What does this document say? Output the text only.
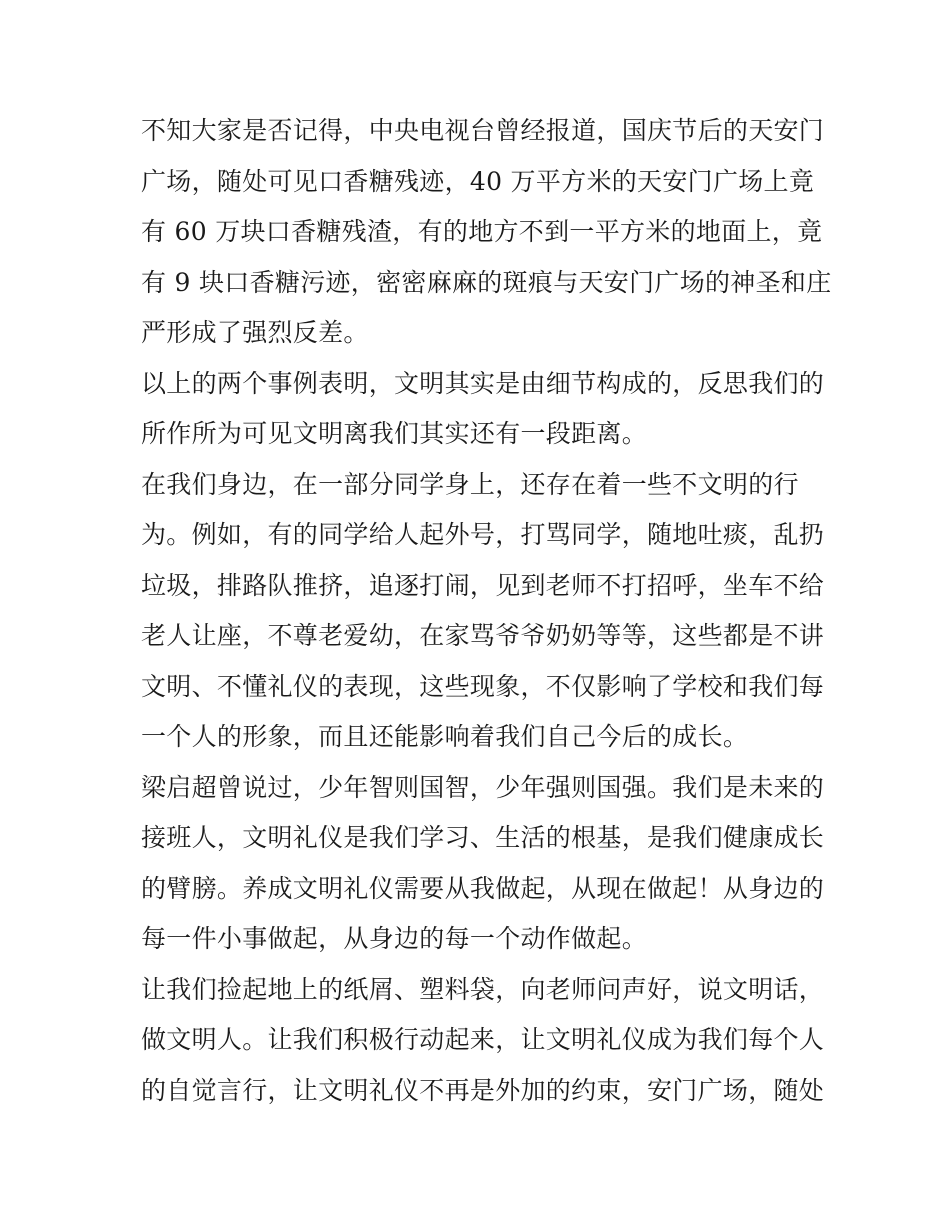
不知大家是否记得，中央电视台曾经报道，国庆节后的天安门
广场，随处可见口香糖残迹，40 万平方米的天安门广场上竟
有 60 万块口香糖残渣，有的地方不到一平方米的地面上，竟
有 9 块口香糖污迹，密密麻麻的斑痕与天安门广场的神圣和庄
严形成了强烈反差。
以上的两个事例表明，文明其实是由细节构成的，反思我们的
所作所为可见文明离我们其实还有一段距离。
在我们身边，在一部分同学身上，还存在着一些不文明的行
为。例如，有的同学给人起外号，打骂同学，随地吐痰，乱扔
垃圾，排路队推挤，追逐打闹，见到老师不打招呼，坐车不给
老人让座，不尊老爱幼，在家骂爷爷奶奶等等，这些都是不讲
文明、不懂礼仪的表现，这些现象，不仅影响了学校和我们每
一个人的形象，而且还能影响着我们自己今后的成长。
梁启超曾说过，少年智则国智，少年强则国强。我们是未来的
接班人，文明礼仪是我们学习、生活的根基，是我们健康成长
的臂膀。养成文明礼仪需要从我做起，从现在做起！从身边的
每一件小事做起，从身边的每一个动作做起。
让我们捡起地上的纸屑、塑料袋，向老师问声好，说文明话，
做文明人。让我们积极行动起来，让文明礼仪成为我们每个人
的自觉言行，让文明礼仪不再是外加的约束，安门广场，随处
